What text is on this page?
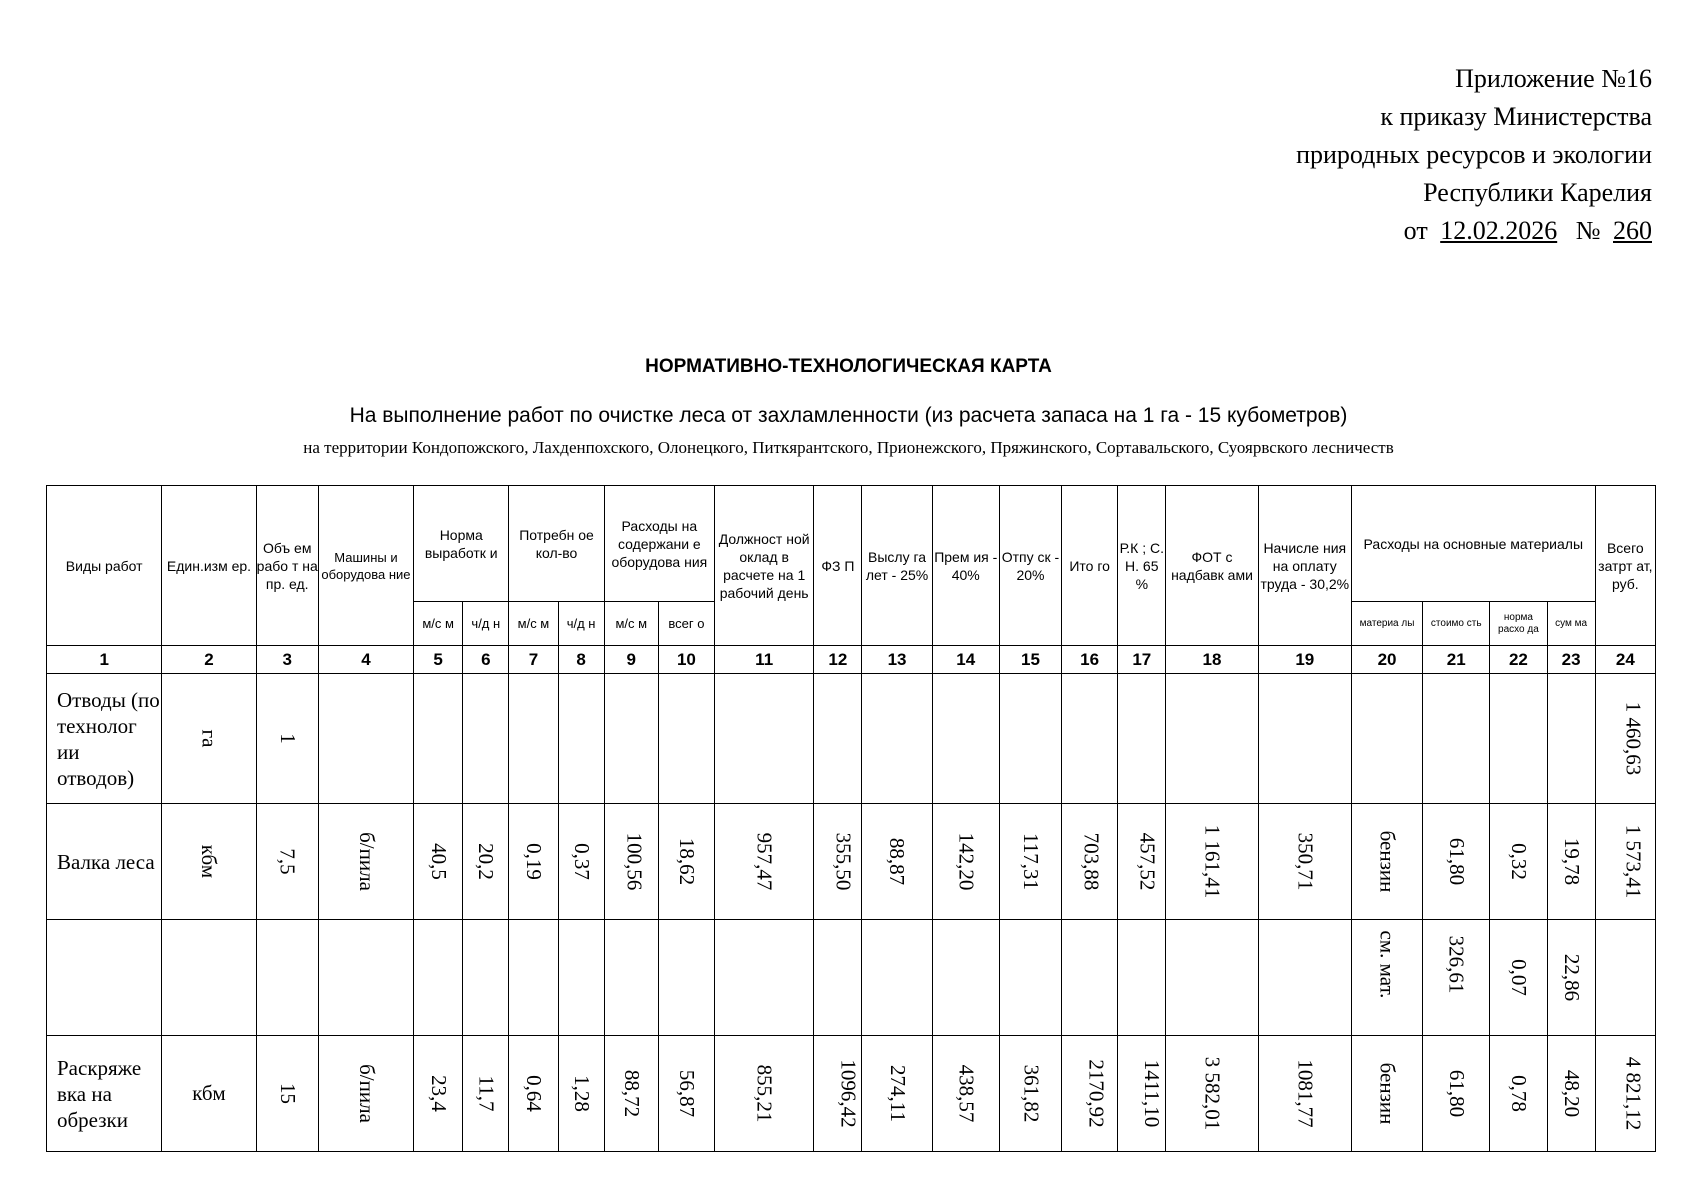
Приложение №16
к приказу Министерства
природных ресурсов и экологии
Республики Карелия
от 12.02.2026 № 260
НОРМАТИВНО-ТЕХНОЛОГИЧЕСКАЯ КАРТА
На выполнение работ по очистке леса от захламленности (из расчета запаса на 1 га - 15 кубометров)
на территории Кондопожского, Лахденпохского, Олонецкого, Питкярантского, Прионежского, Пряжинского, Сортавальского, Суоярвского лесничеств
Виды работ	Един.изм ер.	Объ ем рабо т на пр. ед.	Машины и оборудова ние	Норма выработк и		Потребн ое кол-во		Расходы на содержани е оборудова ния		Должност ной оклад в расчете на 1 рабочий день	ФЗ П	Выслу га лет - 25%	Прем ия - 40%	Отпу ск - 20%	Ито го	Р.К ; С. Н. 65 %	ФОТ с надбавк ами	Начисле ния на оплату труда - 30,2%	Расходы на основные материалы				Всего затрт ат, руб.
				м/с м	ч/д н	м/с м	ч/д н	м/с м	всег о										материа лы	стоимо сть	норма расхо да	сум ма	
1	2	3	4	5	6	7	8	9	10	11	12	13	14	15	16	17	18	19	20	21	22	23	24
Отводы (по технолог ии отводов)	га	1																					1 460,63
Валка леса	кбм	7,5	б/пила	40,5	20,2	0,19	0,37	100,56	18,62	957,47	355,50	88,87	142,20	117,31	703,88	457,52	1 161,41	350,71	бензин	61,80	0,32	19,78	1 573,41
																			см. мат.	326,61	0,07	22,86	
Раскряже вка на обрезки	кбм	15	б/пила	23,4	11,7	0,64	1,28	88,72	56,87	855,21	1096,42	274,11	438,57	361,82	2170,92	1411,10	3 582,01	1081,77	бензин	61,80	0,78	48,20	4 821,12
